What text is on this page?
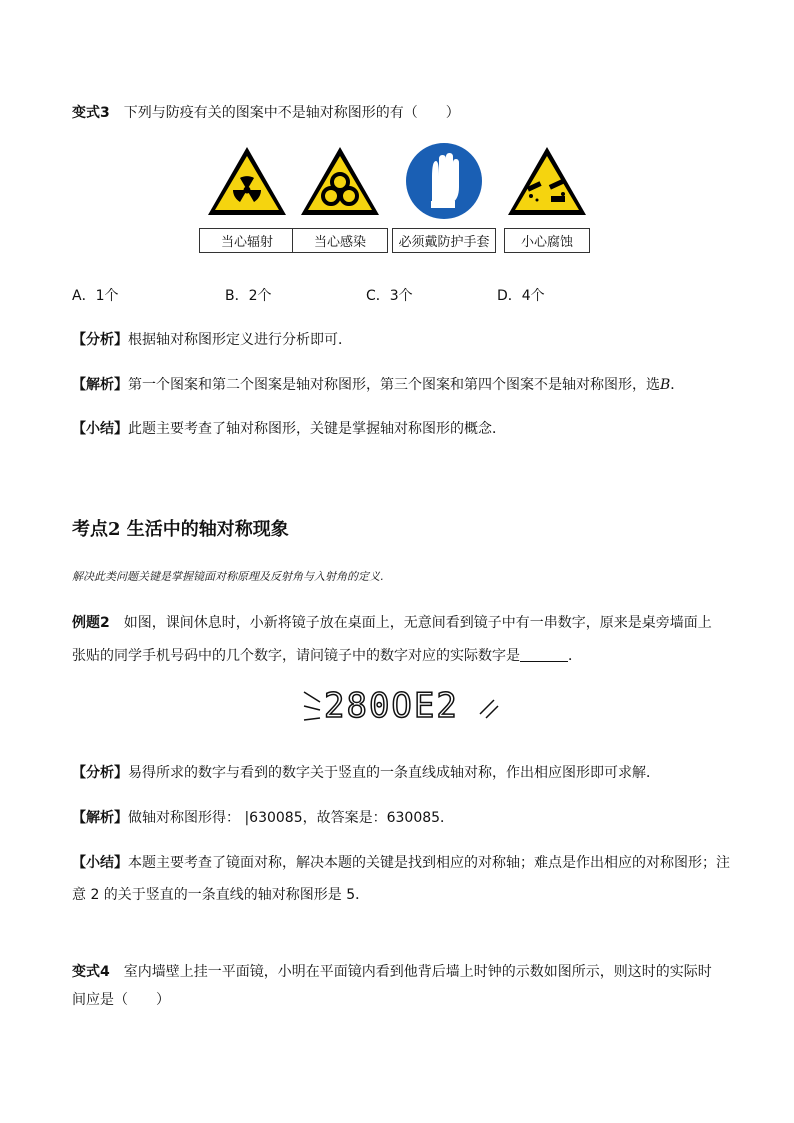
变式3 下列与防疫有关的图案中不是轴对称图形的有（　　）
当心辐射	当心感染	必须戴防护手套	小心腐蚀
A．1个	B．2个	C．3个	D．4个
【分析】根据轴对称图形定义进行分析即可．
【解析】第一个图案和第二个图案是轴对称图形，第三个图案和第四个图案不是轴对称图形，选B．
【小结】此题主要考查了轴对称图形，关键是掌握轴对称图形的概念．
考点2 生活中的轴对称现象
解决此类问题关键是掌握镜面对称原理及反射角与入射角的定义.
例题2 如图，课间休息时，小新将镜子放在桌面上，无意间看到镜子中有一串数字，原来是桌旁墙面上
张贴的同学手机号码中的几个数字，请问镜子中的数字对应的实际数字是	．
280OE2
【分析】易得所求的数字与看到的数字关于竖直的一条直线成轴对称，作出相应图形即可求解．
【解析】做轴对称图形得： |630085，故答案是：630085．
【小结】本题主要考查了镜面对称，解决本题的关键是找到相应的对称轴；难点是作出相应的对称图形；注
意 2 的关于竖直的一条直线的轴对称图形是 5．
变式4 室内墙壁上挂一平面镜，小明在平面镜内看到他背后墙上时钟的示数如图所示，则这时的实际时间应是（　　）
